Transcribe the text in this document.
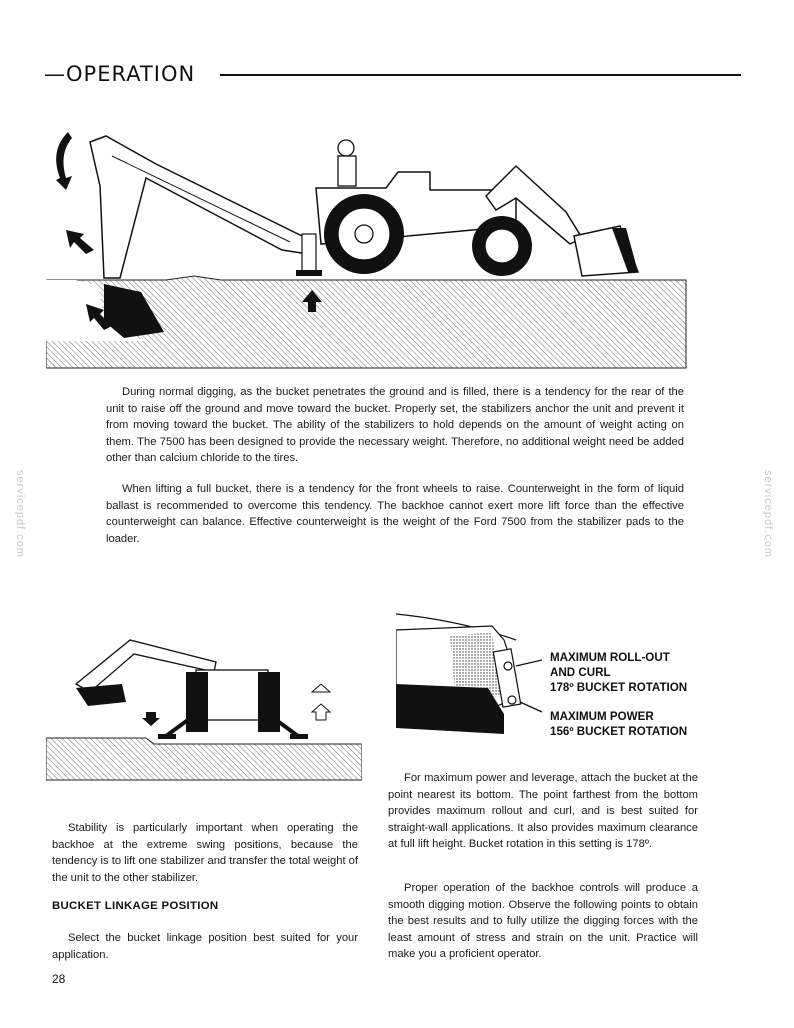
—OPERATION
servicepdf.com	servicepdf.com

During normal digging, as the bucket penetrates the ground and is filled, there is a tendency for the rear of the unit to raise off the ground and move toward the bucket. Properly set, the stabilizers anchor the unit and prevent it from moving toward the bucket. The ability of the stabilizers to hold depends on the amount of weight acting on them. The 7500 has been designed to provide the necessary weight. Therefore, no additional weight need be added other than calcium chloride to the tires.

When lifting a full bucket, there is a tendency for the front wheels to raise. Counterweight in the form of liquid ballast is recommended to overcome this tendency. The backhoe cannot exert more lift force than the effective counterweight can balance. Effective counterweight is the weight of the Ford 7500 from the stabilizer pads to the loader.

MAXIMUM ROLL-OUT
AND CURL
178º BUCKET ROTATION
MAXIMUM POWER
156º BUCKET ROTATION

Stability is particularly important when operating the backhoe at the extreme swing positions, because the tendency is to lift one stabilizer and transfer the total weight of the unit to the other stabilizer.

BUCKET LINKAGE POSITION

Select the bucket linkage position best suited for your application.

For maximum power and leverage, attach the bucket at the point nearest its bottom. The point farthest from the bottom provides maximum rollout and curl, and is best suited for straight-wall applications. It also provides maximum clearance at full lift height. Bucket rotation in this setting is 178º.

Proper operation of the backhoe controls will produce a smooth digging motion. Observe the following points to obtain the best results and to fully utilize the digging forces with the least amount of stress and strain on the unit. Practice will make you a proficient operator.

28
